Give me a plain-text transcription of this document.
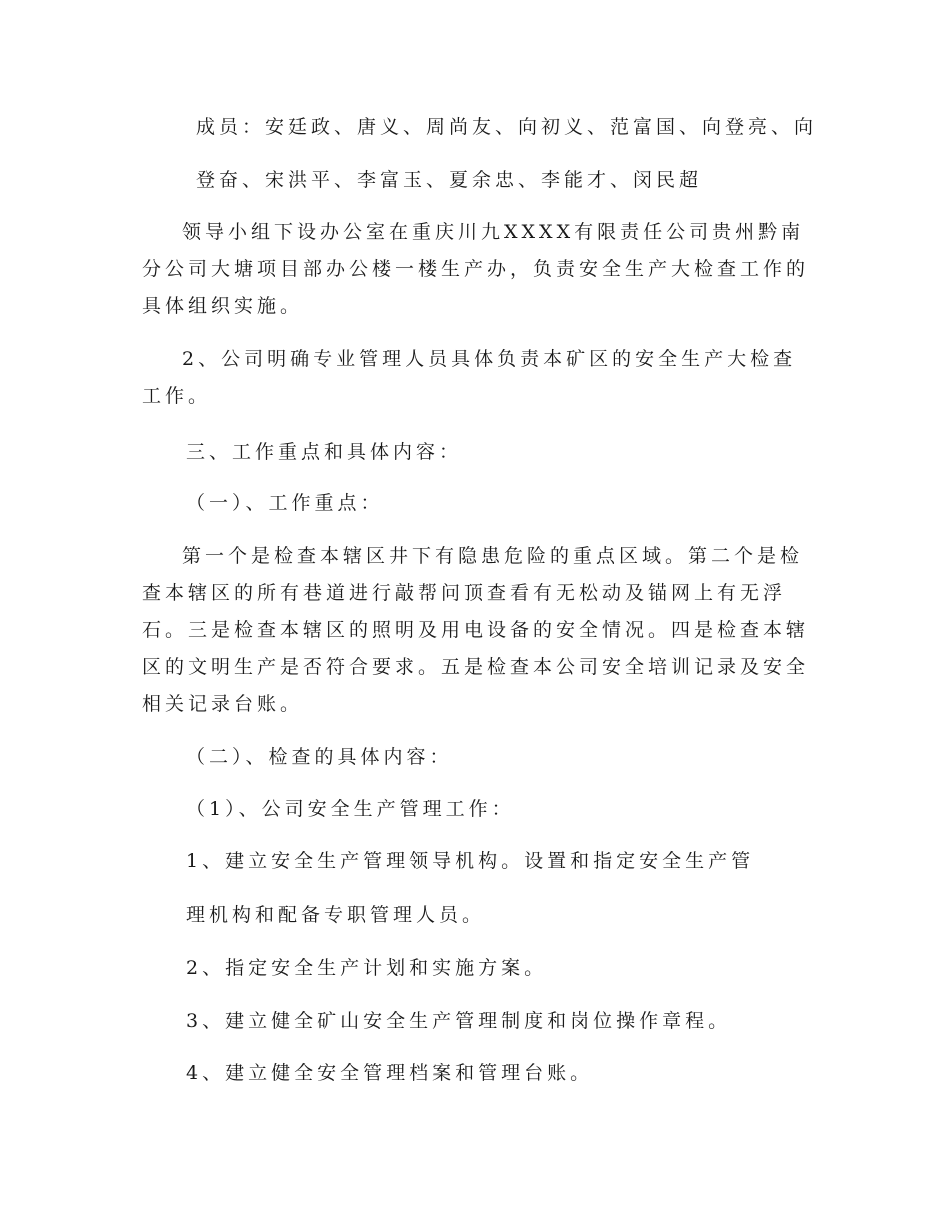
成员：安廷政、唐义、周尚友、向初义、范富国、向登亮、向
登奋、宋洪平、李富玉、夏余忠、李能才、闵民超

领导小组下设办公室在重庆川九XXXX有限责任公司贵州黔南分公司大塘项目部办公楼一楼生产办，负责安全生产大检查工作的具体组织实施。

2、公司明确专业管理人员具体负责本矿区的安全生产大检查工作。

三、工作重点和具体内容：
（一）、工作重点：

第一个是检查本辖区井下有隐患危险的重点区域。第二个是检查本辖区的所有巷道进行敲帮问顶查看有无松动及锚网上有无浮石。三是检查本辖区的照明及用电设备的安全情况。四是检查本辖区的文明生产是否符合要求。五是检查本公司安全培训记录及安全相关记录台账。

（二）、检查的具体内容：
（1）、公司安全生产管理工作：
1、建立安全生产管理领导机构。设置和指定安全生产管
理机构和配备专职管理人员。
2、指定安全生产计划和实施方案。
3、建立健全矿山安全生产管理制度和岗位操作章程。
4、建立健全安全管理档案和管理台账。
